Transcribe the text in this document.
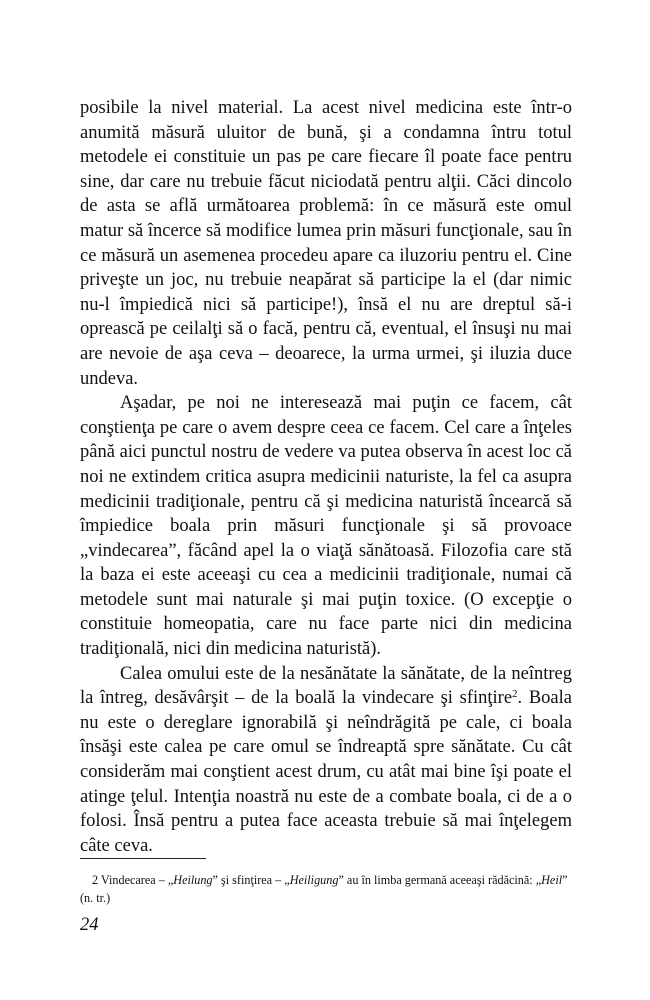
posibile la nivel material. La acest nivel medicina este într-o anumită măsură uluitor de bună, şi a condamna întru totul metodele ei constituie un pas pe care fiecare îl poate face pentru sine, dar care nu trebuie făcut niciodată pentru alţii. Căci dincolo de asta se află următoarea problemă: în ce măsură este omul matur să încerce să modifice lumea prin măsuri funcţionale, sau în ce măsură un asemenea procedeu apare ca iluzoriu pentru el. Cine priveşte un joc, nu trebuie neapărat să participe la el (dar nimic nu-l împiedică nici să participe!), însă el nu are dreptul să-i oprească pe ceilalţi să o facă, pentru că, eventual, el însuşi nu mai are nevoie de aşa ceva – deoarece, la urma urmei, şi iluzia duce undeva.

Aşadar, pe noi ne interesează mai puţin ce facem, cât conştienţa pe care o avem despre ceea ce facem. Cel care a înţeles până aici punctul nostru de vedere va putea observa în acest loc că noi ne extindem critica asupra medicinii naturiste, la fel ca asupra medicinii tradiţionale, pentru că şi medicina naturistă încearcă să împiedice boala prin măsuri funcţionale şi să provoace „vindecarea”, făcând apel la o viaţă sănătoasă. Filozofia care stă la baza ei este aceeaşi cu cea a medicinii tradiţionale, numai că metodele sunt mai naturale şi mai puţin toxice. (O excepţie o constituie homeopatia, care nu face parte nici din medicina tradiţională, nici din medicina naturistă).

Calea omului este de la nesănătate la sănătate, de la neîntreg la întreg, desăvârşit – de la boală la vindecare şi sfinţire$^2$. Boala nu este o dereglare ignorabilă şi neîndrăgită pe cale, ci boala însăşi este calea pe care omul se îndreaptă spre sănătate. Cu cât considerăm mai conştient acest drum, cu atât mai bine îşi poate el atinge ţelul. Intenţia noastră nu este de a combate boala, ci de a o folosi. Însă pentru a putea face aceasta trebuie să mai înţelegem câte ceva.

2 Vindecarea – „Heilung” şi sfinţirea – „Heiligung” au în limba germană aceeaşi rădăcină: „Heil” (n. tr.)
24
